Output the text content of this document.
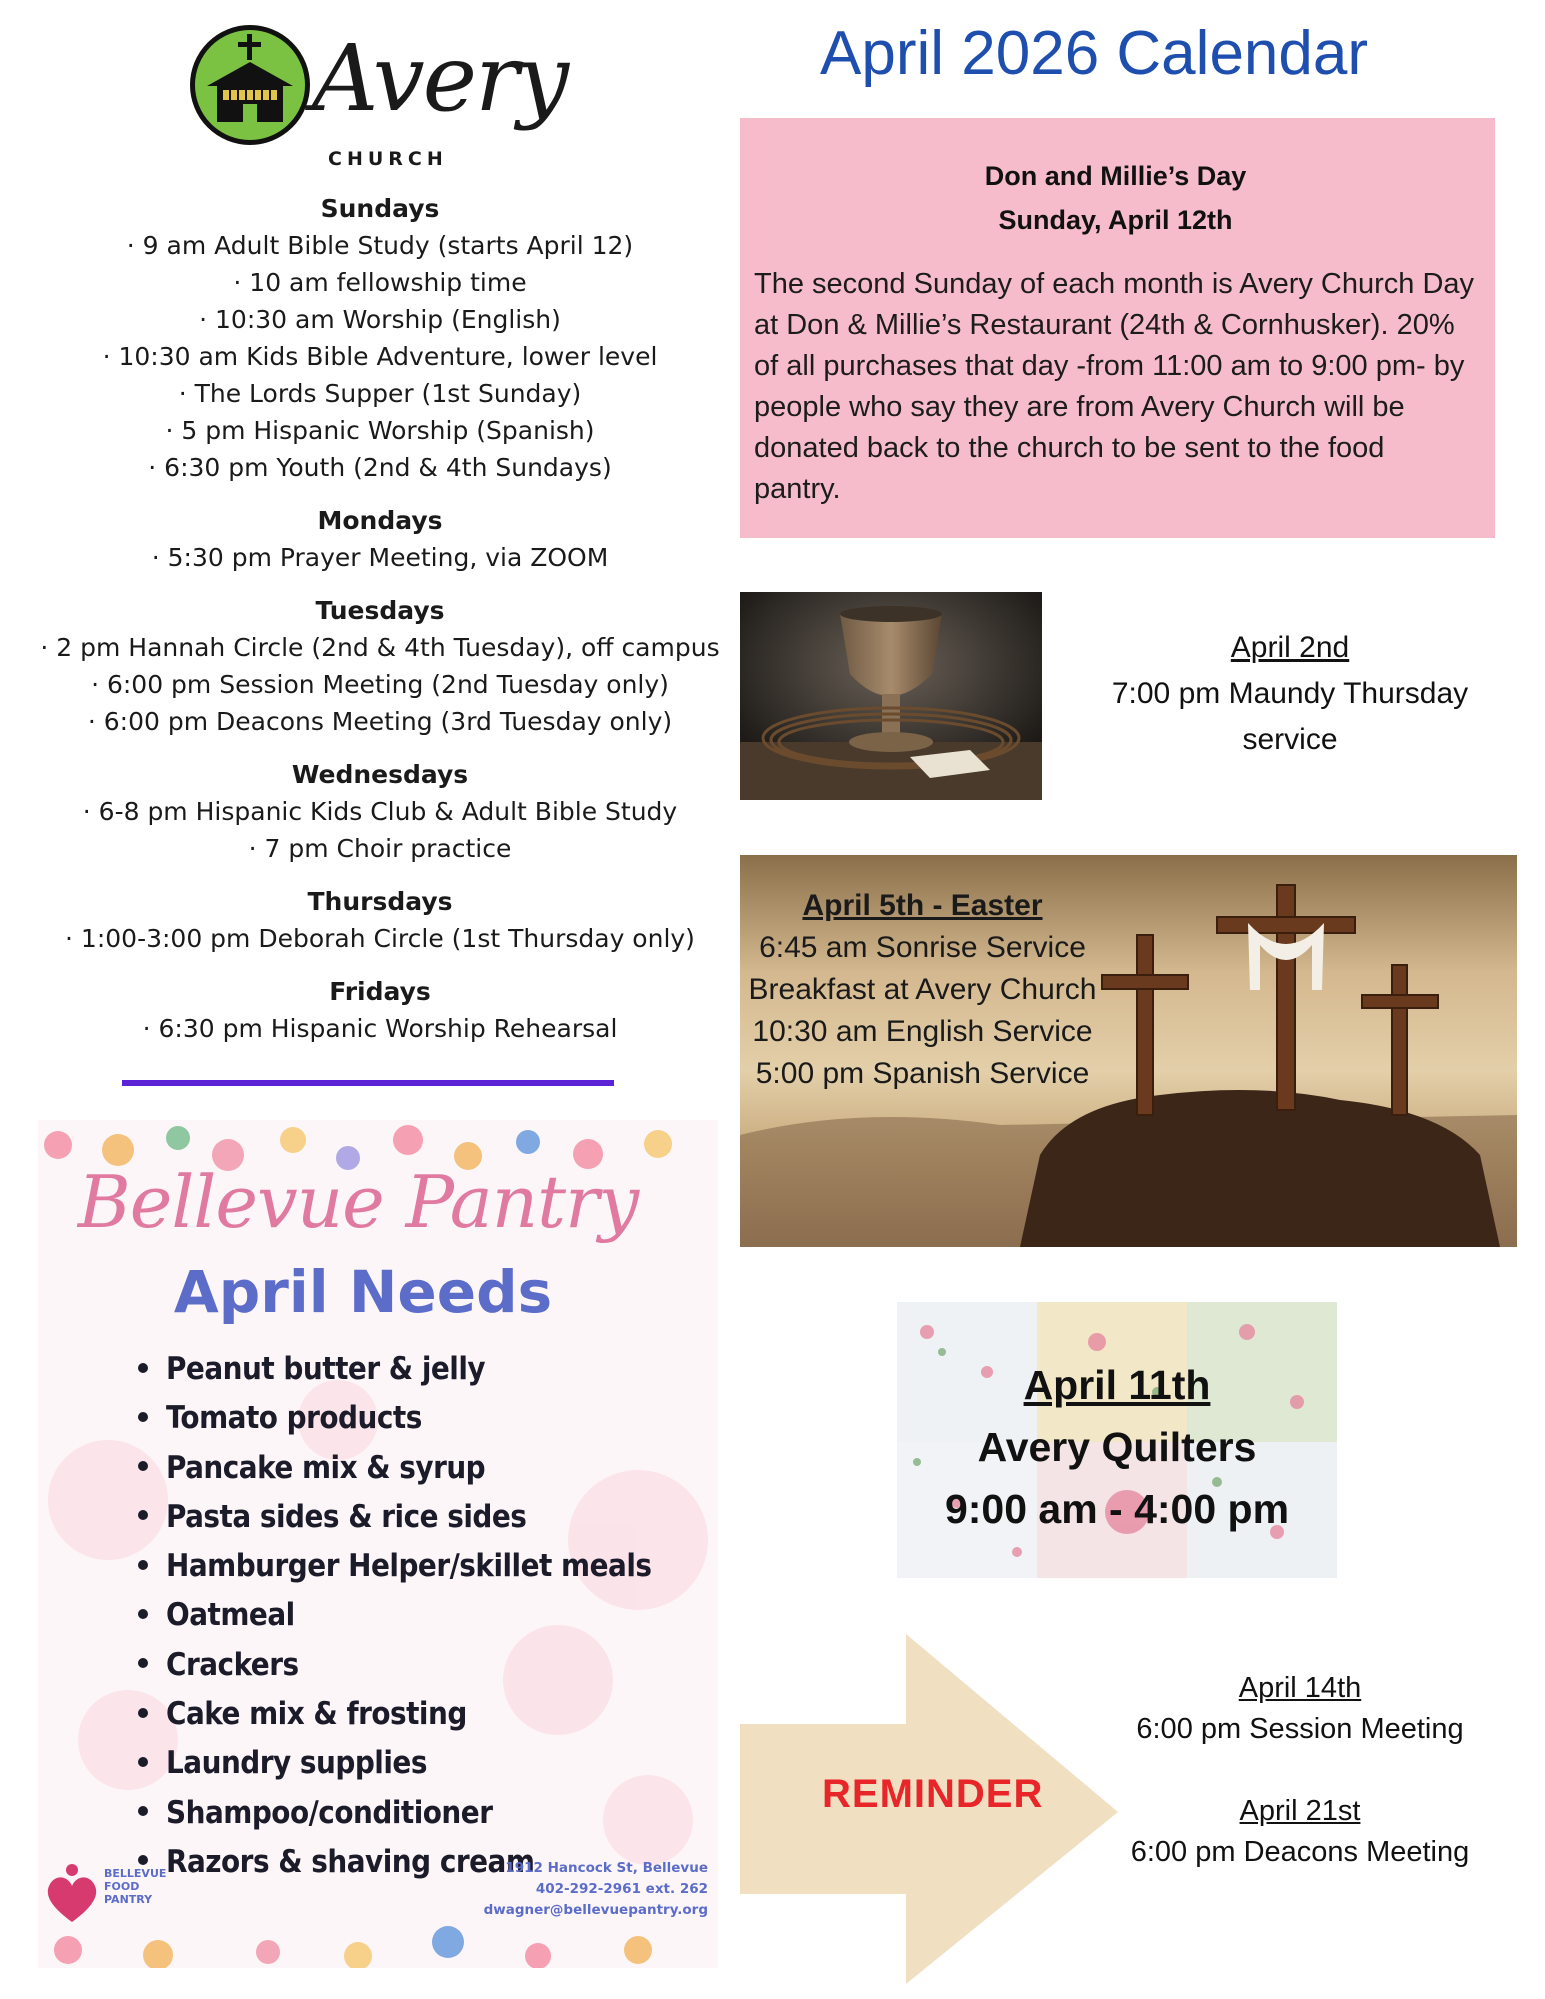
Avery
CHURCH
Sundays
· 9 am Adult Bible Study (starts April 12)
· 10 am fellowship time
· 10:30 am Worship (English)
· 10:30 am Kids Bible Adventure, lower level
· The Lords Supper (1st Sunday)
· 5 pm Hispanic Worship (Spanish)
· 6:30 pm Youth (2nd & 4th Sundays)
Mondays
· 5:30 pm Prayer Meeting, via ZOOM
Tuesdays
· 2 pm Hannah Circle (2nd & 4th Tuesday), off campus
· 6:00 pm Session Meeting (2nd Tuesday only)
· 6:00 pm Deacons Meeting (3rd Tuesday only)
Wednesdays
· 6-8 pm Hispanic Kids Club & Adult Bible Study
· 7 pm Choir practice
Thursdays
· 1:00-3:00 pm Deborah Circle (1st Thursday only)
Fridays
· 6:30 pm Hispanic Worship Rehearsal
April 2026 Calendar
Don and Millie’s Day
Sunday, April 12th
The second Sunday of each month is Avery Church Day at Don & Millie’s Restaurant (24th & Cornhusker). 20% of all purchases that day -from 11:00 am to 9:00 pm- by people who say they are from Avery Church will be donated back to the church to be sent to the food pantry.
April 2nd
7:00 pm Maundy Thursday
service
April 5th - Easter
6:45 am Sonrise Service
Breakfast at Avery Church
10:30 am English Service
5:00 pm Spanish Service
April 11th
Avery Quilters
9:00 am - 4:00 pm
REMINDER
April 14th
6:00 pm Session Meeting
April 21st
6:00 pm Deacons Meeting
Bellevue Pantry
April Needs
Peanut butter & jelly
Tomato products
Pancake mix & syrup
Pasta sides & rice sides
Hamburger Helper/skillet meals
Oatmeal
Crackers
Cake mix & frosting
Laundry supplies
Shampoo/conditioner
Razors & shaving cream
BELLEVUE
FOOD
PANTRY
1912 Hancock St, Bellevue
402-292-2961 ext. 262
dwagner@bellevuepantry.org
